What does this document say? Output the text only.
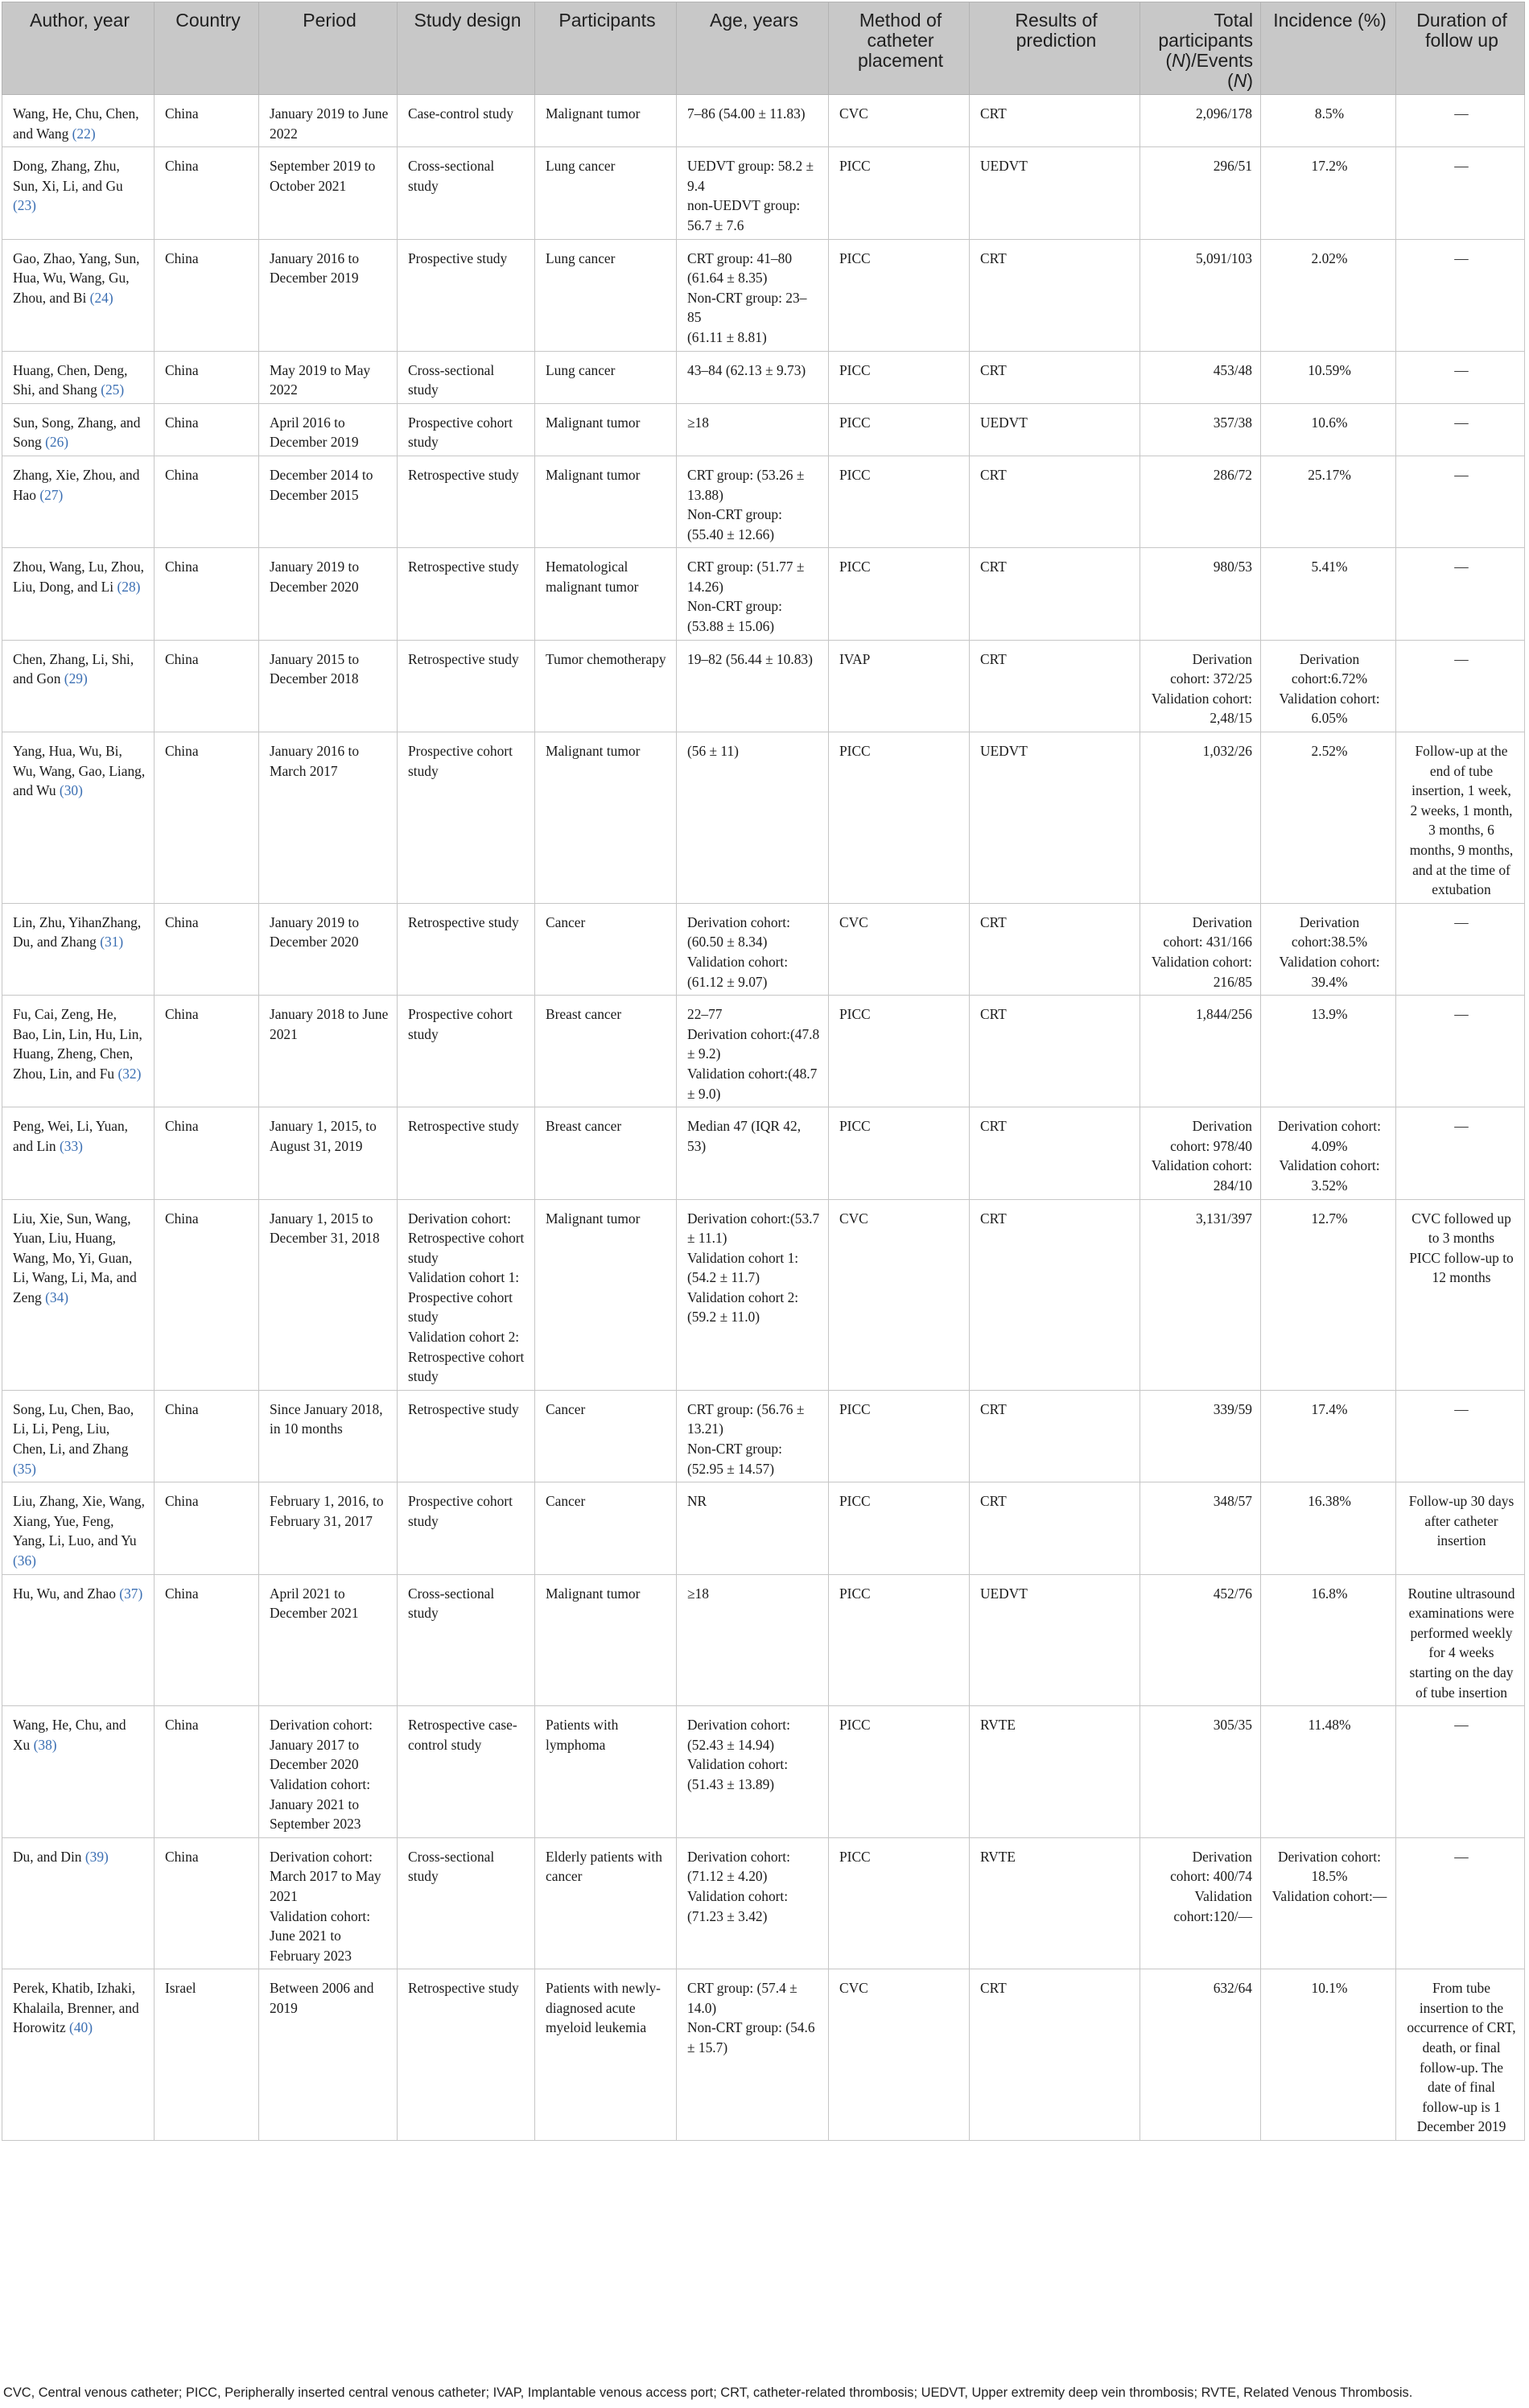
Author, year	Country	Period	Study design	Participants	Age, years	Method of catheter placement	Results of prediction	Total participants (N)/Events (N)	Incidence (%)	Duration of follow up
Wang, He, Chu, Chen, and Wang (22)	China	January 2019 to June 2022	Case-control study	Malignant tumor	7–86 (54.00 ± 11.83)	CVC	CRT	2,096/178	8.5%	—
Dong, Zhang, Zhu, Sun, Xi, Li, and Gu (23)	China	September 2019 to October 2021	Cross-sectional study	Lung cancer	UEDVT group: 58.2 ± 9.4
non-UEDVT group: 56.7 ± 7.6	PICC	UEDVT	296/51	17.2%	—
Gao, Zhao, Yang, Sun, Hua, Wu, Wang, Gu, Zhou, and Bi (24)	China	January 2016 to December 2019	Prospective study	Lung cancer	CRT group: 41–80 (61.64 ± 8.35)
Non-CRT group: 23–85
(61.11 ± 8.81)	PICC	CRT	5,091/103	2.02%	—
Huang, Chen, Deng, Shi, and Shang (25)	China	May 2019 to May 2022	Cross-sectional study	Lung cancer	43–84 (62.13 ± 9.73)	PICC	CRT	453/48	10.59%	—
Sun, Song, Zhang, and Song (26)	China	April 2016 to December 2019	Prospective cohort study	Malignant tumor	≥18	PICC	UEDVT	357/38	10.6%	—
Zhang, Xie, Zhou, and Hao (27)	China	December 2014 to December 2015	Retrospective study	Malignant tumor	CRT group: (53.26 ± 13.88)
Non-CRT group: (55.40 ± 12.66)	PICC	CRT	286/72	25.17%	—
Zhou, Wang, Lu, Zhou, Liu, Dong, and Li (28)	China	January 2019 to December 2020	Retrospective study	Hematological malignant tumor	CRT group: (51.77 ± 14.26)
Non-CRT group: (53.88 ± 15.06)	PICC	CRT	980/53	5.41%	—
Chen, Zhang, Li, Shi, and Gon (29)	China	January 2015 to December 2018	Retrospective study	Tumor chemotherapy	19–82 (56.44 ± 10.83)	IVAP	CRT	Derivation cohort: 372/25
Validation cohort: 2,48/15	Derivation cohort:6.72%
Validation cohort: 6.05%	—
Yang, Hua, Wu, Bi, Wu, Wang, Gao, Liang, and Wu (30)	China	January 2016 to March 2017	Prospective cohort study	Malignant tumor	(56 ± 11)	PICC	UEDVT	1,032/26	2.52%	Follow-up at the end of tube insertion, 1 week, 2 weeks, 1 month, 3 months, 6 months, 9 months, and at the time of extubation
Lin, Zhu, YihanZhang, Du, and Zhang (31)	China	January 2019 to December 2020	Retrospective study	Cancer	Derivation cohort:(60.50 ± 8.34)
Validation cohort:(61.12 ± 9.07)	CVC	CRT	Derivation cohort: 431/166
Validation cohort: 216/85	Derivation cohort:38.5%
Validation cohort: 39.4%	—
Fu, Cai, Zeng, He, Bao, Lin, Lin, Hu, Lin, Huang, Zheng, Chen, Zhou, Lin, and Fu (32)	China	January 2018 to June 2021	Prospective cohort study	Breast cancer	22–77
Derivation cohort:(47.8 ± 9.2)
Validation cohort:(48.7 ± 9.0)	PICC	CRT	1,844/256	13.9%	—
Peng, Wei, Li, Yuan, and Lin (33)	China	January 1, 2015, to August 31, 2019	Retrospective study	Breast cancer	Median 47 (IQR 42, 53)	PICC	CRT	Derivation cohort: 978/40
Validation cohort: 284/10	Derivation cohort: 4.09%
Validation cohort: 3.52%	—
Liu, Xie, Sun, Wang, Yuan, Liu, Huang, Wang, Mo, Yi, Guan, Li, Wang, Li, Ma, and Zeng (34)	China	January 1, 2015 to December 31, 2018	Derivation cohort: Retrospective cohort study
Validation cohort 1: Prospective cohort study
Validation cohort 2: Retrospective cohort study	Malignant tumor	Derivation cohort:(53.7 ± 11.1)
Validation cohort 1:(54.2 ± 11.7)
Validation cohort 2:(59.2 ± 11.0)	CVC	CRT	3,131/397	12.7%	CVC followed up to 3 months
PICC follow-up to 12 months
Song, Lu, Chen, Bao, Li, Li, Peng, Liu, Chen, Li, and Zhang (35)	China	Since January 2018, in 10 months	Retrospective study	Cancer	CRT group: (56.76 ± 13.21)
Non-CRT group: (52.95 ± 14.57)	PICC	CRT	339/59	17.4%	—
Liu, Zhang, Xie, Wang, Xiang, Yue, Feng, Yang, Li, Luo, and Yu (36)	China	February 1, 2016, to February 31, 2017	Prospective cohort study	Cancer	NR	PICC	CRT	348/57	16.38%	Follow-up 30 days after catheter insertion
Hu, Wu, and Zhao (37)	China	April 2021 to December 2021	Cross-sectional study	Malignant tumor	≥18	PICC	UEDVT	452/76	16.8%	Routine ultrasound examinations were performed weekly for 4 weeks starting on the day of tube insertion
Wang, He, Chu, and Xu (38)	China	Derivation cohort: January 2017 to December 2020
Validation cohort: January 2021 to September 2023	Retrospective case-control study	Patients with lymphoma	Derivation cohort:(52.43 ± 14.94)
Validation cohort:(51.43 ± 13.89)	PICC	RVTE	305/35	11.48%	—
Du, and Din (39)	China	Derivation cohort: March 2017 to May 2021
Validation cohort: June 2021 to February 2023	Cross-sectional study	Elderly patients with cancer	Derivation cohort:(71.12 ± 4.20)
Validation cohort:(71.23 ± 3.42)	PICC	RVTE	Derivation cohort: 400/74
Validation cohort:120/—	Derivation cohort: 18.5%
Validation cohort:—	—
Perek, Khatib, Izhaki, Khalaila, Brenner, and Horowitz (40)	Israel	Between 2006 and 2019	Retrospective study	Patients with newly-diagnosed acute myeloid leukemia	CRT group: (57.4 ± 14.0)
Non-CRT group: (54.6 ± 15.7)	CVC	CRT	632/64	10.1%	From tube insertion to the occurrence of CRT, death, or final follow-up. The date of final follow-up is 1 December 2019
CVC, Central venous catheter; PICC, Peripherally inserted central venous catheter; IVAP, Implantable venous access port; CRT, catheter-related thrombosis; UEDVT, Upper extremity deep vein thrombosis; RVTE, Related Venous Thrombosis.
